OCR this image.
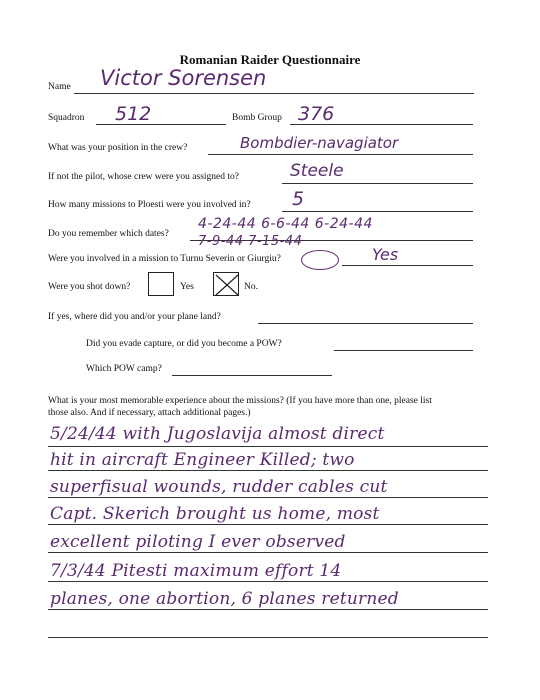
Romanian Raider Questionnaire
Name Victor Sorensen
Squadron 512	Bomb Group 376
What was your position in the crew?	Bombdier-navagiator
If not the pilot, whose crew were you assigned to?	Steele
How many missions to Ploesti were you involved in? 5
Do you remember which dates?
4-24-44 6-6-44 6-24-44
7-9-44 7-15-44
Were you involved in a mission to Turnu Severin or Giurgiu?	Yes
Were you shot down?	Yes	No.
If yes, where did you and/or your plane land?
Did you evade capture, or did you become a POW?
Which POW camp?
What is your most memorable experience about the missions? (If you have more than one, please list
those also. And if necessary, attach additional pages.)
5/24/44 with Jugoslavija almost direct
hit in aircraft Engineer Killed; two
superfisual wounds, rudder cables cut
Capt. Skerich brought us home, most
excellent piloting I ever observed
7/3/44 Pitesti maximum effort 14
planes, one abortion, 6 planes returned
